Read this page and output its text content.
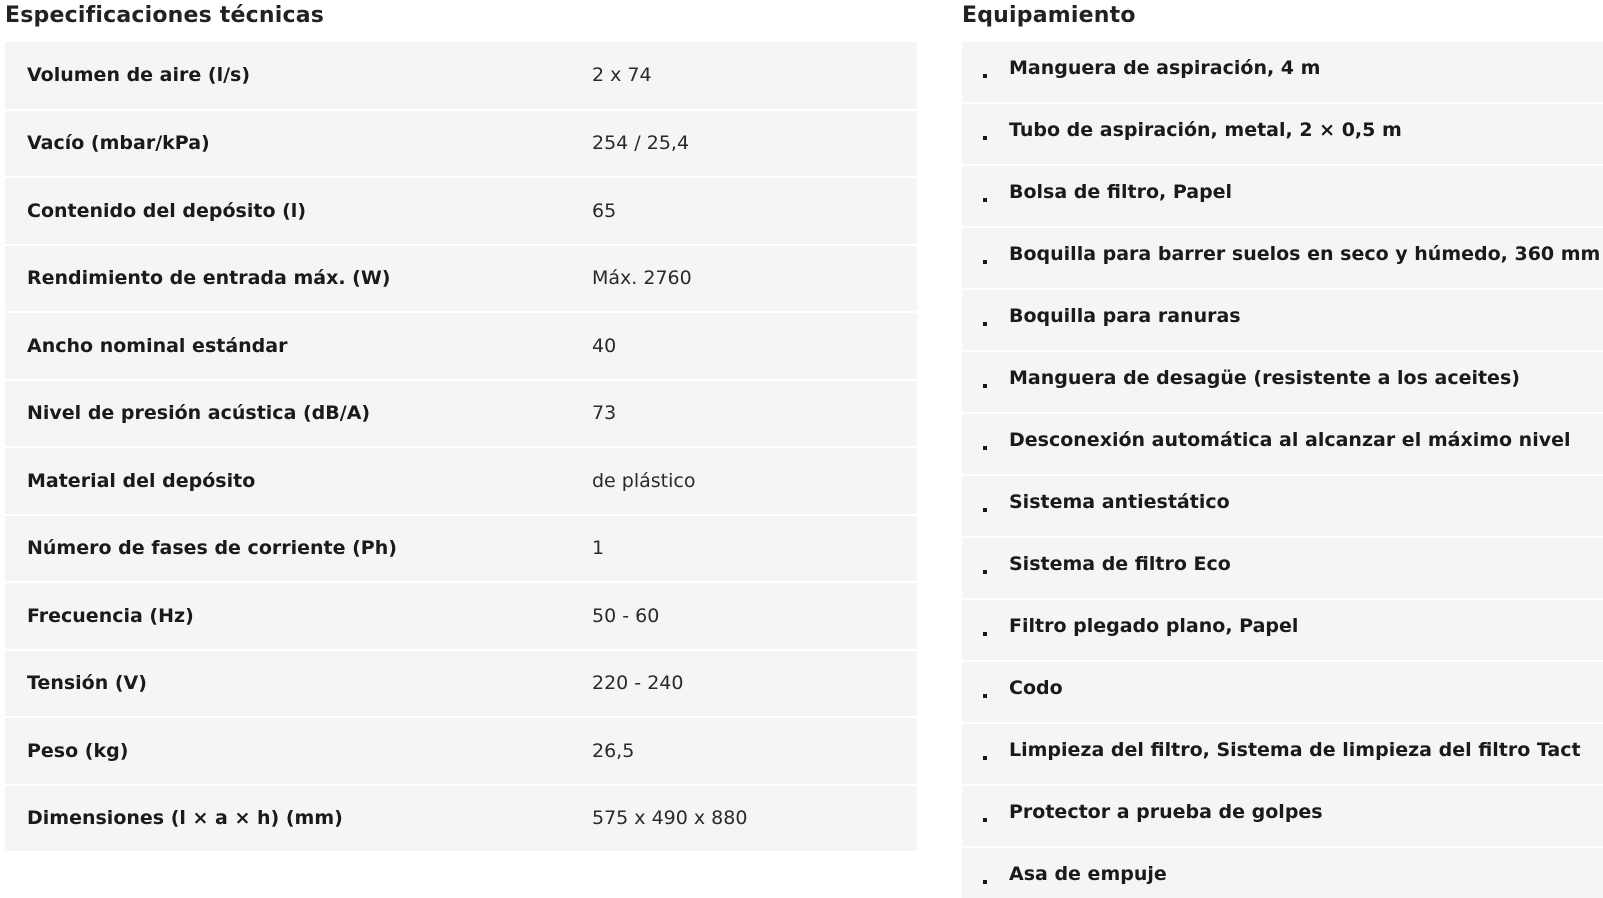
Especificaciones técnicas
Volumen de aire (l/s)	2 x 74
Vacío (mbar/kPa)	254 / 25,4
Contenido del depósito (l)	65
Rendimiento de entrada máx. (W)	Máx. 2760
Ancho nominal estándar	40
Nivel de presión acústica (dB/A)	73
Material del depósito	de plástico
Número de fases de corriente (Ph)	1
Frecuencia (Hz)	50 - 60
Tensión (V)	220 - 240
Peso (kg)	26,5
Dimensiones (l × a × h) (mm)	575 x 490 x 880
Equipamiento
Manguera de aspiración, 4 m
Tubo de aspiración, metal, 2 × 0,5 m
Bolsa de filtro, Papel
Boquilla para barrer suelos en seco y húmedo, 360 mm
Boquilla para ranuras
Manguera de desagüe (resistente a los aceites)
Desconexión automática al alcanzar el máximo nivel
Sistema antiestático
Sistema de filtro Eco
Filtro plegado plano, Papel
Codo
Limpieza del filtro, Sistema de limpieza del filtro Tact
Protector a prueba de golpes
Asa de empuje
